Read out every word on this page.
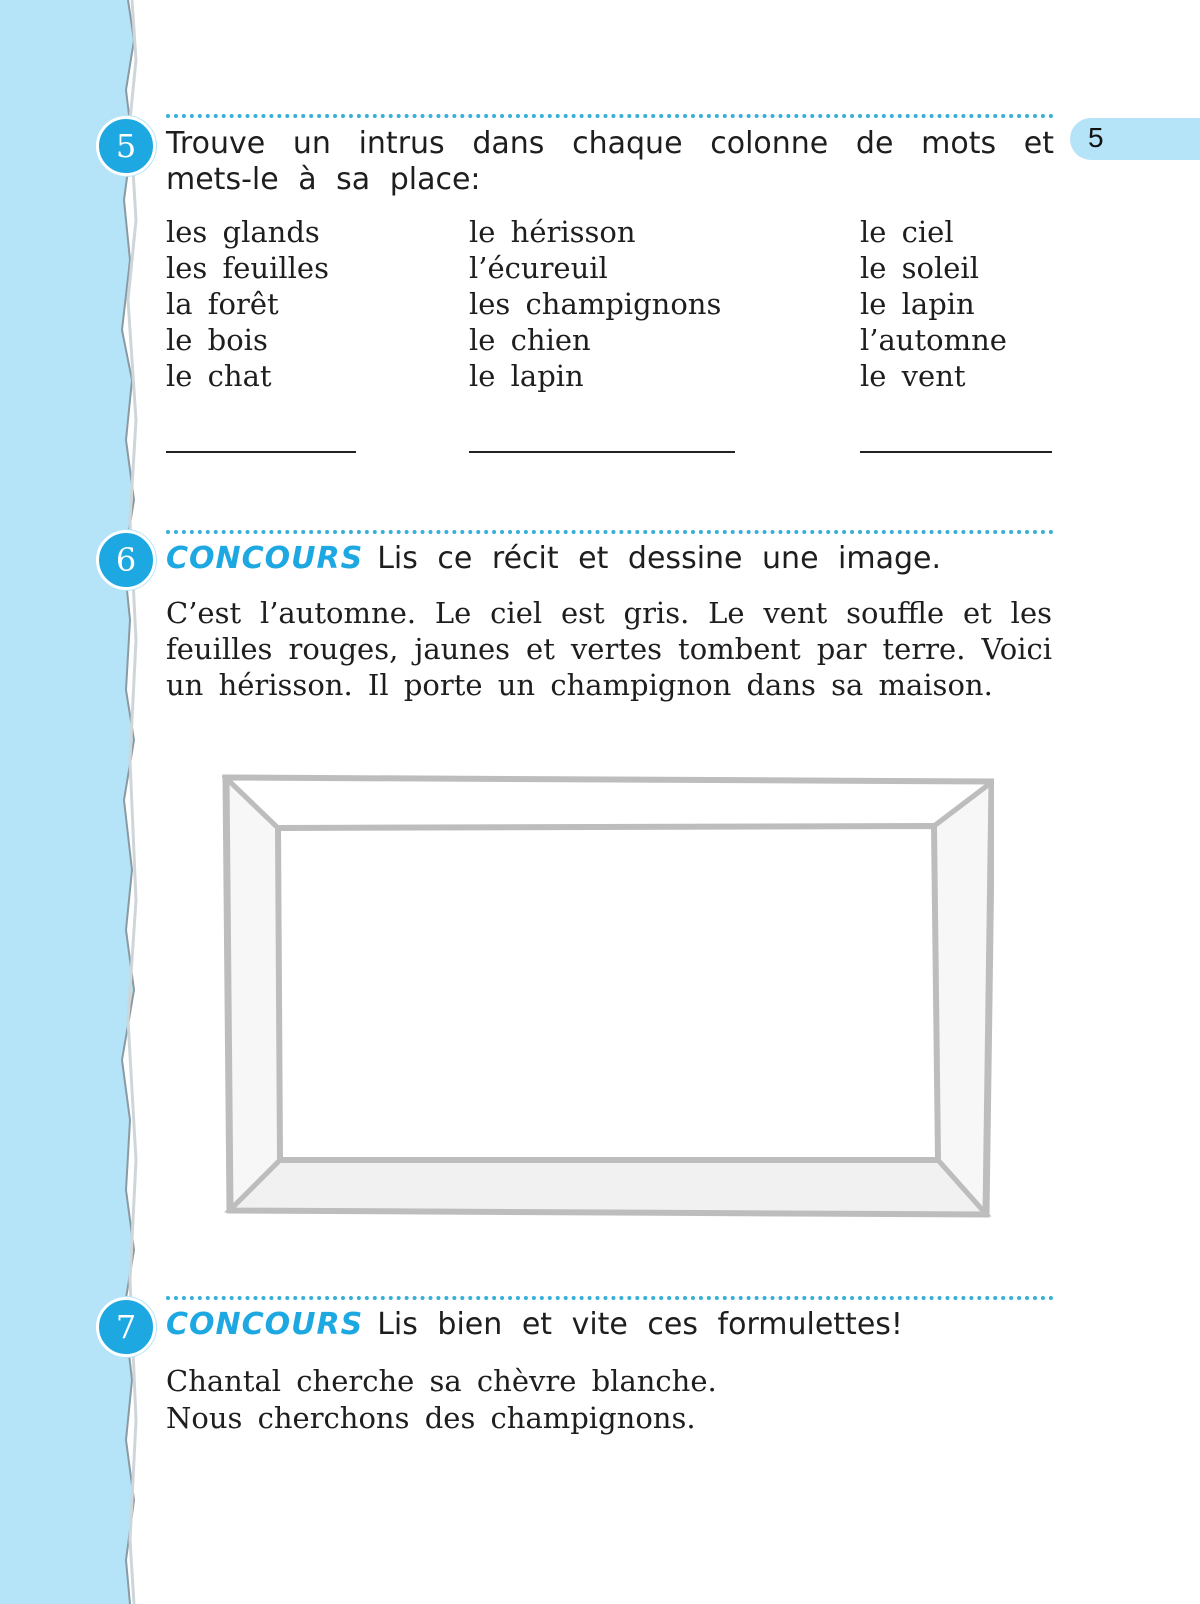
5
5 Trouve un intrus dans chaque colonne de mots et mets-le à sa place:
les glands
les feuilles
la forêt
le bois
le chat
le hérisson
l’écureuil
les champignons
le chien
le lapin
le ciel
le soleil
le lapin
l’automne
le vent
6 CONCOURS Lis ce récit et dessine une image.
C’est l’automne. Le ciel est gris. Le vent souffle et les feuilles rouges, jaunes et vertes tombent par terre. Voici un hérisson. Il porte un champignon dans sa maison.
7 CONCOURS Lis bien et vite ces formulettes!
Chantal cherche sa chèvre blanche.
Nous cherchons des champignons.
